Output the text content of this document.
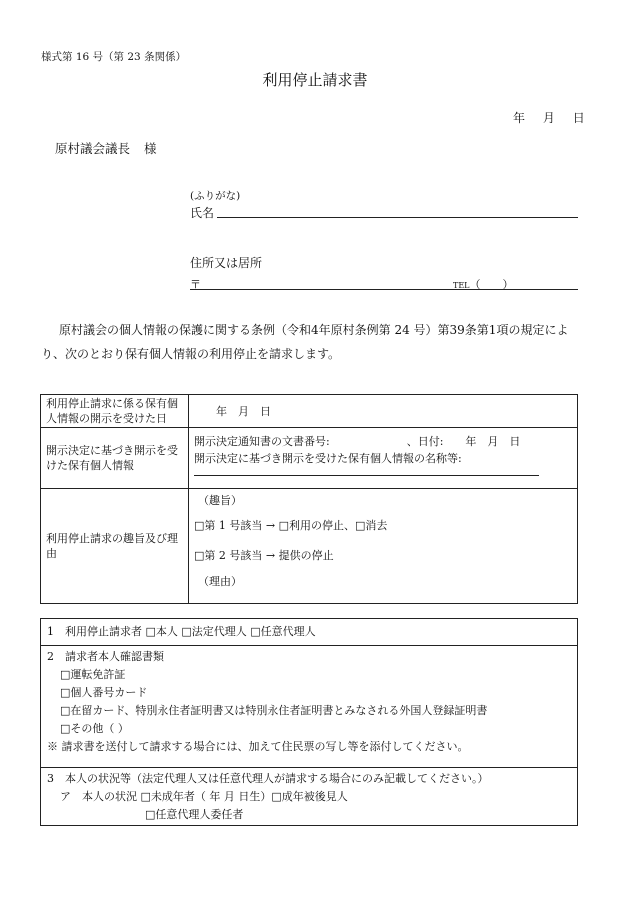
様式第 16 号（第 23 条関係）
利用停止請求書
年 月 日
原村議会議長 様
(ふりがな)
氏名
住所又は居所
〒	TEL（　　）
原村議会の個人情報の保護に関する条例（令和4年原村条例第 24 号）第39条第1項の規定により、次のとおり保有個人情報の利用停止を請求します。
利用停止請求に係る保有個人情報の開示を受けた日	年　月　日
開示決定に基づき開示を受けた保有個人情報	開示決定通知書の文書番号:　　　　　　　、日付:　　年　月　日
開示決定に基づき開示を受けた保有個人情報の名称等:

利用停止請求の趣旨及び理由	（趣旨）
□第 1 号該当 → □利用の停止、□消去
□第 2 号該当 → 提供の停止
（理由）
1　利用停止請求者 □本人 □法定代理人 □任意代理人

2　請求者本人確認書類
□運転免許証
□個人番号カード
□在留カード、特別永住者証明書又は特別永住者証明書とみなされる外国人登録証明書
□その他（ ）
※ 請求書を送付して請求する場合には、加えて住民票の写し等を添付してください。

3　本人の状況等（法定代理人又は任意代理人が請求する場合にのみ記載してください。）
ア　本人の状況 □未成年者（ 年 月 日生）□成年被後見人
□任意代理人委任者
